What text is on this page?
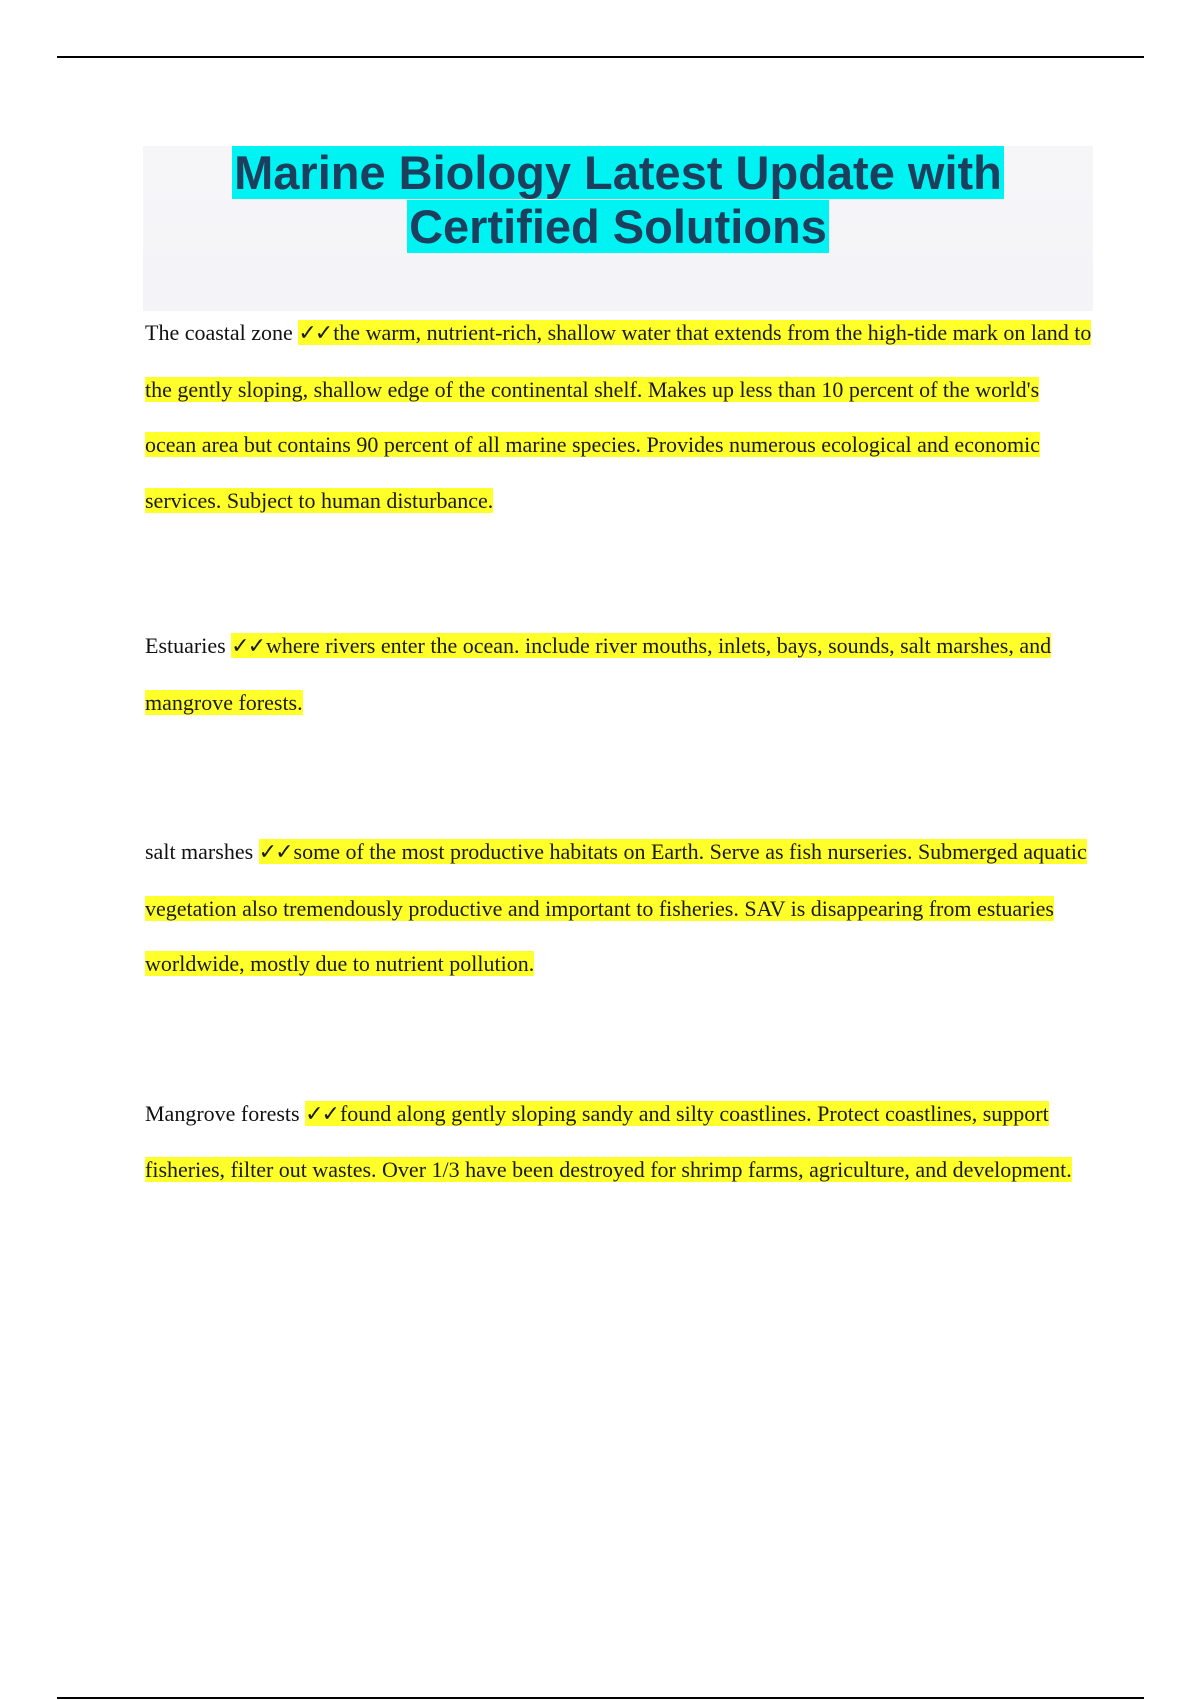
Marine Biology Latest Update with
Certified Solutions

The coastal zone ✓✓the warm, nutrient-rich, shallow water that extends from the high-tide mark on land to the gently sloping, shallow edge of the continental shelf. Makes up less than 10 percent of the world's ocean area but contains 90 percent of all marine species. Provides numerous ecological and economic services. Subject to human disturbance.

Estuaries ✓✓where rivers enter the ocean. include river mouths, inlets, bays, sounds, salt marshes, and mangrove forests.

salt marshes ✓✓some of the most productive habitats on Earth. Serve as fish nurseries. Submerged aquatic vegetation also tremendously productive and important to fisheries. SAV is disappearing from estuaries worldwide, mostly due to nutrient pollution.

Mangrove forests ✓✓found along gently sloping sandy and silty coastlines. Protect coastlines, support fisheries, filter out wastes. Over 1/3 have been destroyed for shrimp farms, agriculture, and development.
